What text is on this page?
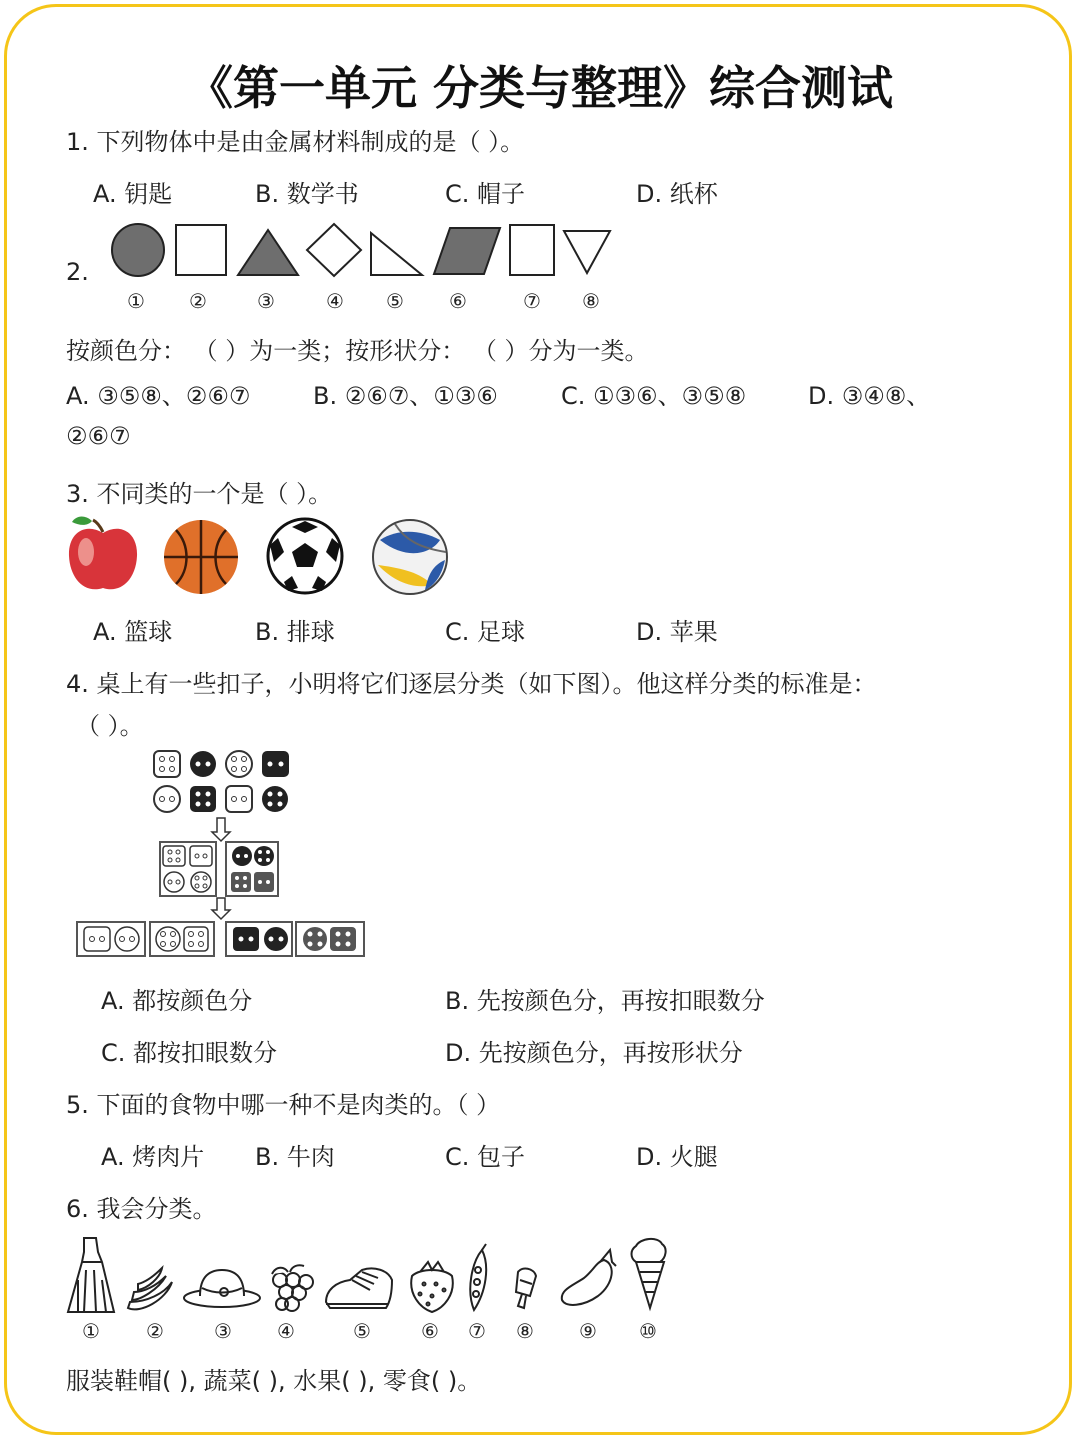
《第一单元 分类与整理》综合测试
1. 下列物体中是由金属材料制成的是（ ）。
A. 钥匙	B. 数学书	C. 帽子	D. 纸杯
2.
① ②	③	④ ⑤ ⑥	⑦ ⑧
按颜色分： （ ）为一类；按形状分： （ ）分为一类。
A. ③⑤⑧、②⑥⑦	B. ②⑥⑦、①③⑥	C. ①③⑥、③⑤⑧	D. ③④⑧、
②⑥⑦
3. 不同类的一个是（ ）。
A. 篮球	B. 排球	C. 足球	D. 苹果
4. 桌上有一些扣子，小明将它们逐层分类（如下图）。他这样分类的标准是：
（ ）。
A. 都按颜色分	B. 先按颜色分，再按扣眼数分
C. 都按扣眼数分	D. 先按颜色分，再按形状分
5. 下面的食物中哪一种不是肉类的。（ ）
A. 烤肉片 B. 牛肉	C. 包子	D. 火腿
6. 我会分类。
① ②	③ ④	⑤	⑥ ⑦ ⑧ ⑨ ⑩
服装鞋帽( ), 蔬菜( ), 水果( ), 零食( )。
